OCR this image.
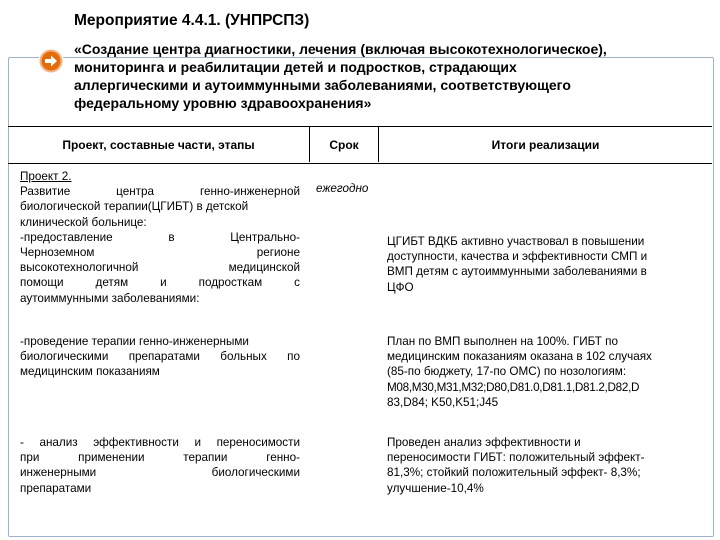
Мероприятие 4.4.1. (УНПРСПЗ)
«Создание центра диагностики, лечения (включая высокотехнологическое),
мониторинга и реабилитации детей и подростков, страдающих
аллергическими и аутоиммунными заболеваниями, соответствующего
федеральному уровню здравоохранения»
Проект, составные части, этапы	Срок	Итоги реализации
Проект 2.
Развитие центра генно-инженерной
биологической терапии(ЦГИБТ) в детской
клинической больнице:
-предоставление в Центрально-
Черноземном регионе
высокотехнологичной медицинской
помощи детям и подросткам с
аутоиммунными заболеваниями:
ежегодно
ЦГИБТ ВДКБ активно участвовал в повышении
доступности, качества и эффективности СМП и
ВМП детям с аутоиммунными заболеваниями в
ЦФО
-проведение терапии генно-инженерными
биологическими препаратами больных по
медицинским показаниям
План по ВМП выполнен на 100%. ГИБТ по
медицинским показаниям оказана в 102 случаях
(85-по бюджету, 17-по ОМС) по нозологиям:
М08,М30,М31,М32;D80,D81.0,D81.1,D81.2,D82,D
83,D84; K50,K51;J45
- анализ эффективности и переносимости
при применении терапии генно-
инженерными биологическими
препаратами
Проведен анализ эффективности и
переносимости ГИБТ: положительный эффект-
81,3%; стойкий положительный эффект- 8,3%;
улучшение-10,4%
